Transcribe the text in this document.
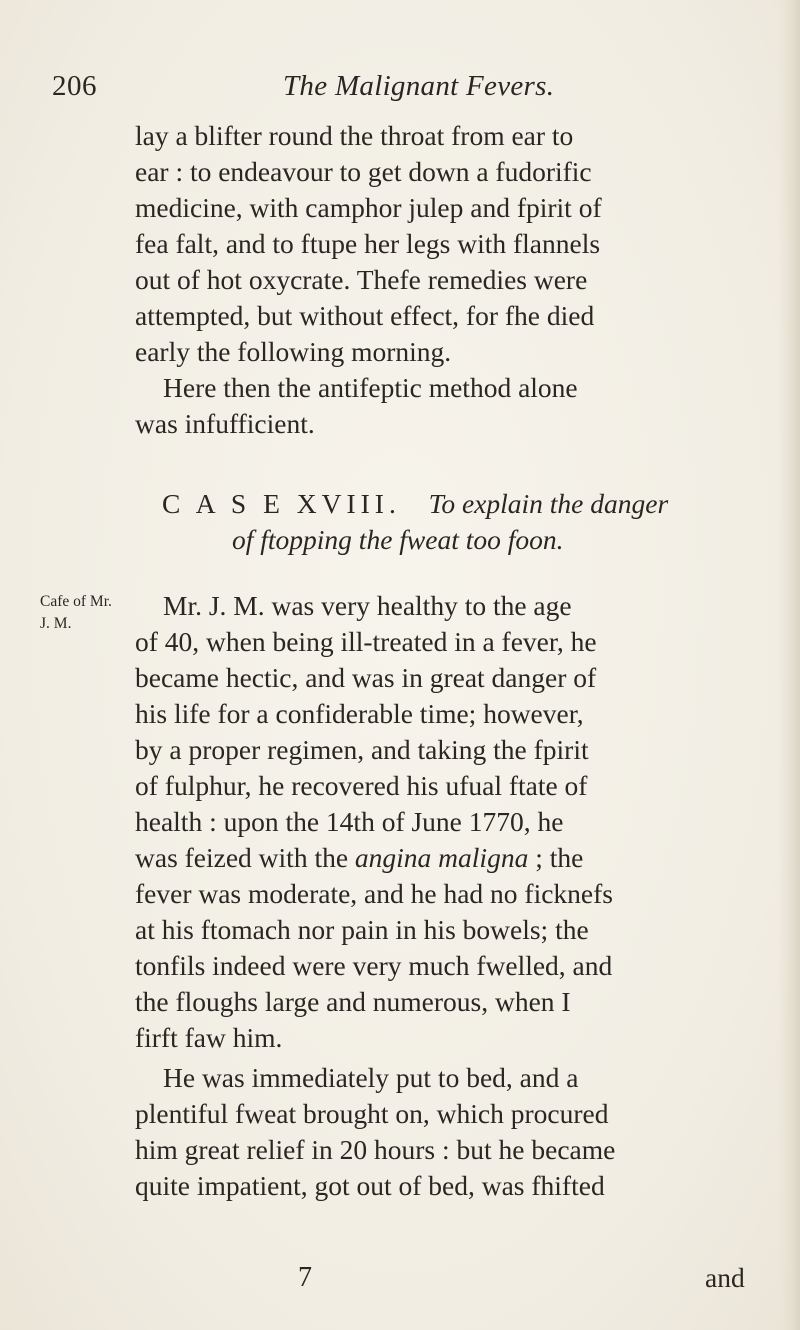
206	The Malignant Fevers.
lay a blifter round the throat from ear to
ear : to endeavour to get down a fudorific
medicine, with camphor julep and fpirit of
fea falt, and to ftupe her legs with flannels
out of hot oxycrate. Thefe remedies were
attempted, but without effect, for fhe died
early the following morning.
Here then the antifeptic method alone
was infufficient.
C A S E XVIII. To explain the danger
of ftopping the fweat too foon.
Cafe of Mr.
J. M.
Mr. J. M. was very healthy to the age
of 40, when being ill-treated in a fever, he
became hectic, and was in great danger of
his life for a confiderable time; however,
by a proper regimen, and taking the fpirit
of fulphur, he recovered his ufual ftate of
health : upon the 14th of June 1770, he
was feized with the angina maligna ; the
fever was moderate, and he had no ficknefs
at his ftomach nor pain in his bowels; the
tonfils indeed were very much fwelled, and
the floughs large and numerous, when I
firft faw him.
He was immediately put to bed, and a
plentiful fweat brought on, which procured
him great relief in 20 hours : but he became
quite impatient, got out of bed, was fhifted
7	and
